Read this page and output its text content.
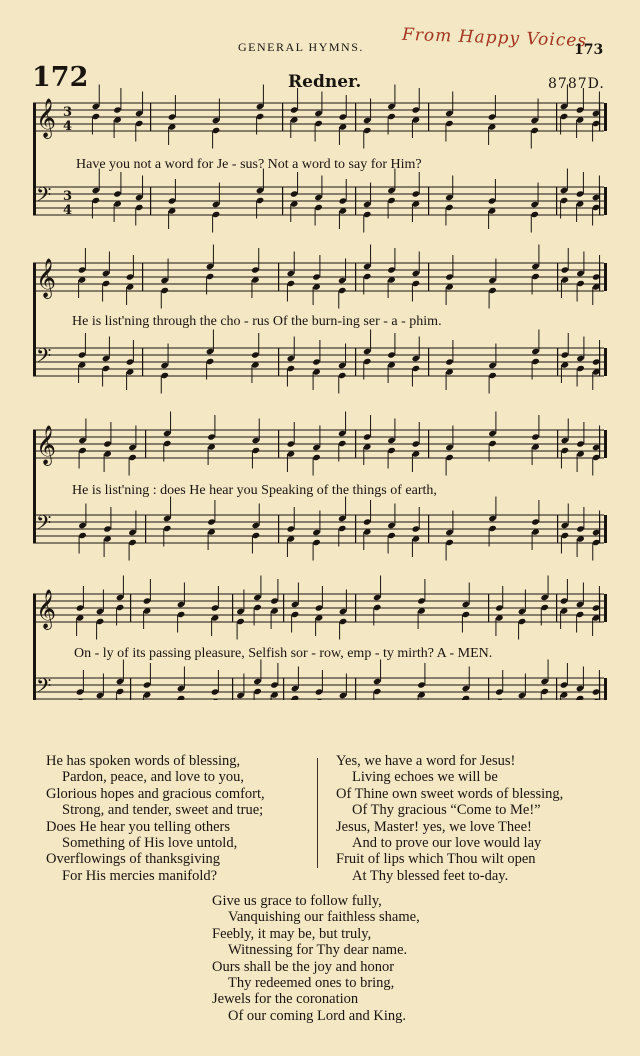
GENERAL HYMNS. From Happy Voices
173
172	Redner.	8787D.
𝄞 3
4
𝄢 3
4
𝄞
𝄢
𝄞
𝄢
𝄞
𝄢
Have you not a word for Je - sus? Not a word to say for Him?
He is list'ning through the cho - rus Of the burn-ing ser - a - phim.
He is list'ning : does He hear you Speaking of the things of earth,
On - ly of its passing pleasure, Selfish sor - row, emp - ty mirth? A - MEN.
He has spoken words of blessing,
Pardon, peace, and love to you,
Glorious hopes and gracious comfort,
Strong, and tender, sweet and true;
Does He hear you telling others
Something of His love untold,
Overflowings of thanksgiving
For His mercies manifold?
Yes, we have a word for Jesus!
Living echoes we will be
Of Thine own sweet words of blessing,
Of Thy gracious “Come to Me!”
Jesus, Master! yes, we love Thee!
And to prove our love would lay
Fruit of lips which Thou wilt open
At Thy blessed feet to-day.
Give us grace to follow fully,
Vanquishing our faithless shame,
Feebly, it may be, but truly,
Witnessing for Thy dear name.
Ours shall be the joy and honor
Thy redeemed ones to bring,
Jewels for the coronation
Of our coming Lord and King.
